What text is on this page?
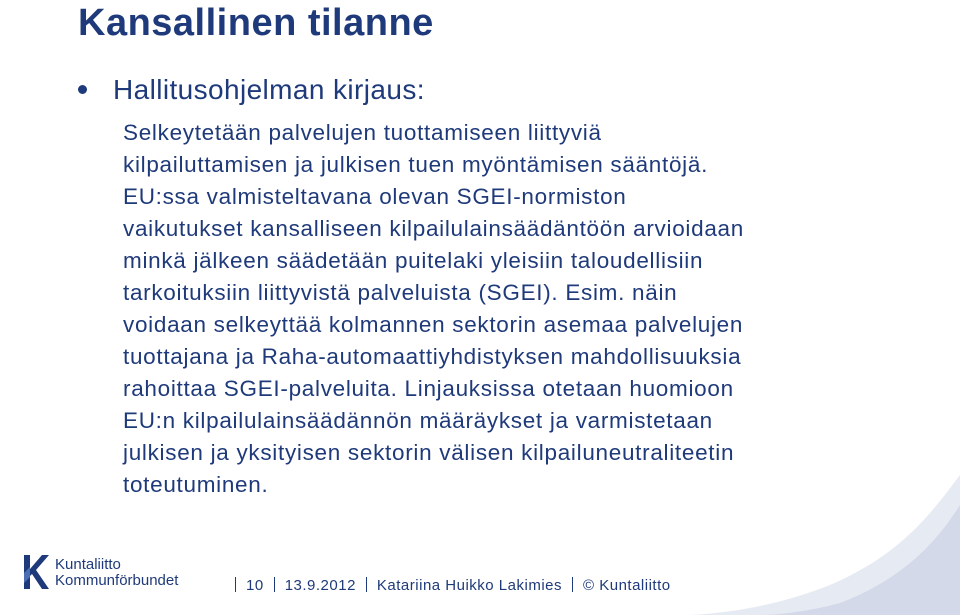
Kansallinen tilanne
Hallitusohjelman kirjaus:
Selkeytetään palvelujen tuottamiseen liittyviä
kilpailuttamisen ja julkisen tuen myöntämisen sääntöjä.
EU:ssa valmisteltavana olevan SGEI-normiston
vaikutukset kansalliseen kilpailulainsäädäntöön arvioidaan
minkä jälkeen säädetään puitelaki yleisiin taloudellisiin
tarkoituksiin liittyvistä palveluista (SGEI). Esim. näin
voidaan selkeyttää kolmannen sektorin asemaa palvelujen
tuottajana ja Raha-automaattiyhdistyksen mahdollisuuksia
rahoittaa SGEI-palveluita. Linjauksissa otetaan huomioon
EU:n kilpailulainsäädännön määräykset ja varmistetaan
julkisen ja yksityisen sektorin välisen kilpailuneutraliteetin
toteutuminen.
Kuntaliitto
Kommunförbundet	10 13.9.2012 Katariina Huikko Lakimies © Kuntaliitto
